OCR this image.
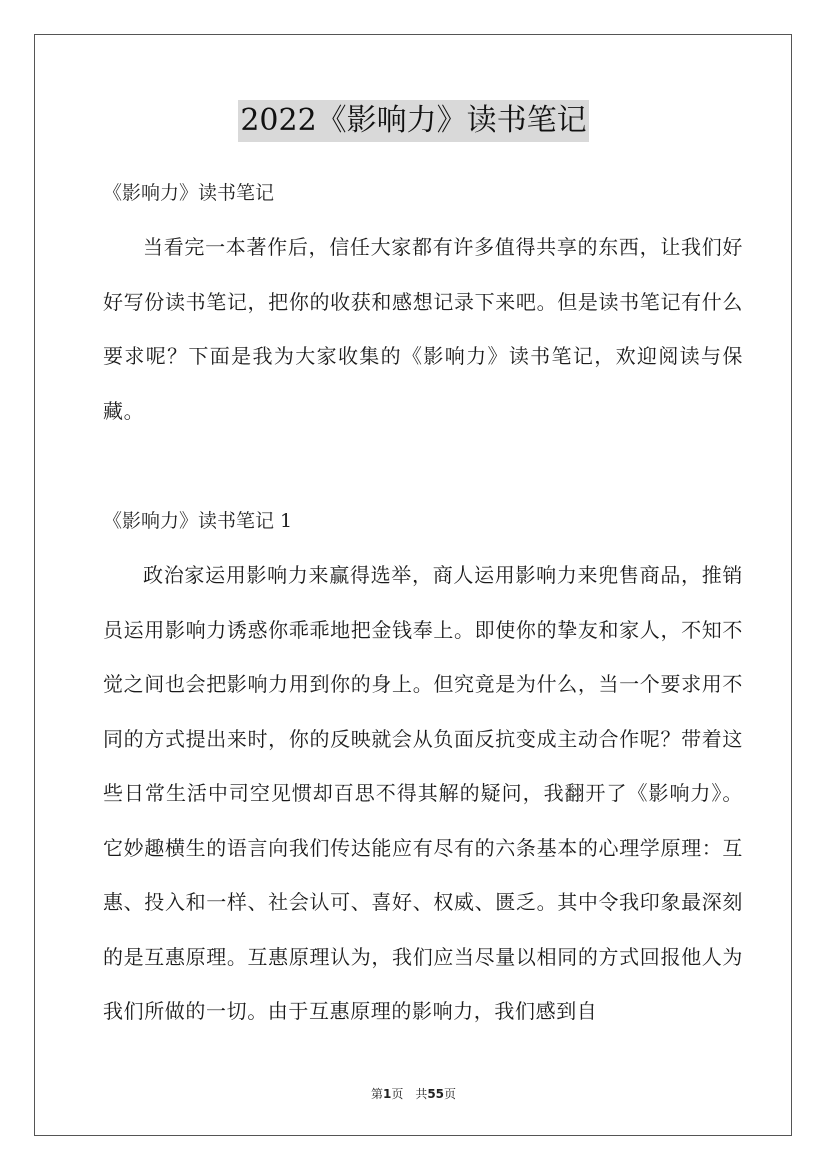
2022《影响力》读书笔记
《影响力》读书笔记

当看完一本著作后，信任大家都有许多值得共享的东西，让我们好好写份读书笔记，把你的收获和感想记录下来吧。但是读书笔记有什么要求呢？下面是我为大家收集的《影响力》读书笔记，欢迎阅读与保藏。

《影响力》读书笔记 1

政治家运用影响力来赢得选举，商人运用影响力来兜售商品，推销员运用影响力诱惑你乖乖地把金钱奉上。即使你的挚友和家人，不知不觉之间也会把影响力用到你的身上。但究竟是为什么，当一个要求用不同的方式提出来时，你的反映就会从负面反抗变成主动合作呢？带着这些日常生活中司空见惯却百思不得其解的疑问，我翻开了《影响力》。它妙趣横生的语言向我们传达能应有尽有的六条基本的心理学原理：互惠、投入和一样、社会认可、喜好、权威、匮乏。其中令我印象最深刻的是互惠原理。互惠原理认为，我们应当尽量以相同的方式回报他人为我们所做的一切。由于互惠原理的影响力，我们感到自

第1页　共55页
